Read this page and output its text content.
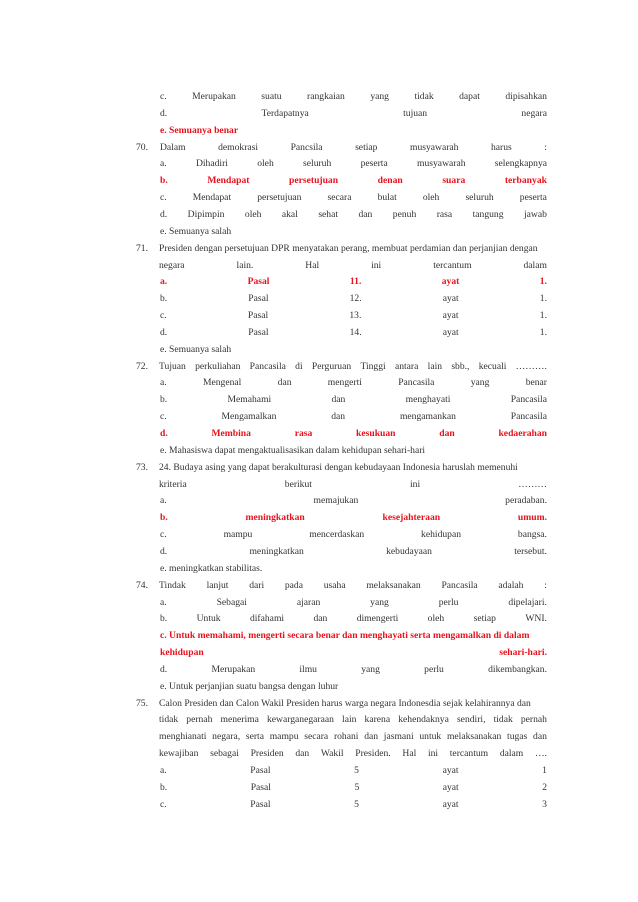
c.	Merupakan	suatu	rangkaian	yang	tidak	dapat	dipisahkan
d.	Terdapatnya	tujuan	negara
e. Semuanya benar
70. Dalam	demokrasi	Pancsila	setiap	musyawarah	harus	:
a.	Dihadiri	oleh	seluruh	peserta	musyawarah	selengkapnya
b.	Mendapat	persetujuan	denan	suara	terbanyak
c.	Mendapat	persetujuan	secara	bulat	oleh	seluruh	peserta
d. Dipimpin oleh akal sehat dan penuh rasa tangung jawab
e. Semuanya salah
71. Presiden dengan persetujuan DPR menyatakan perang, membuat perdamian dan perjanjian dengan
negara	lain.	Hal	ini	tercantum	dalam
a.	Pasal	11.	ayat	1.
b.	Pasal	12.	ayat	1.
c.	Pasal	13.	ayat	1.
d.	Pasal	14.	ayat	1.
e. Semuanya salah
72. Tujuan perkuliahan Pancasila di Perguruan Tinggi antara lain sbb., kecuali ……….
a.	Mengenal	dan	mengerti	Pancasila	yang	benar
b.	Memahami	dan	menghayati	Pancasila
c.	Mengamalkan	dan	mengamankan	Pancasila
d.	Membina	rasa	kesukuan	dan	kedaerahan
e. Mahasiswa dapat mengaktualisasikan dalam kehidupan sehari-hari
73. 24. Budaya asing yang dapat berakulturasi dengan kebudayaan Indonesia haruslah memenuhi
kriteria	berikut	ini	………
a.	memajukan	peradaban.
b.	meningkatkan	kesejahteraan	umum.
c.	mampu	mencerdaskan	kehidupan	bangsa.
d.	meningkatkan	kebudayaan	tersebut.
e. meningkatkan stabilitas.
74. Tindak lanjut dari pada usaha melaksanakan Pancasila adalah :
a.	Sebagai	ajaran	yang	perlu	dipelajari.
b.	Untuk	difahami	dan	dimengerti	oleh	setiap	WNI.
c. Untuk memahami, mengerti secara benar dan menghayati serta mengamalkan di dalam
kehidupan	sehari-hari.
d.	Merupakan	ilmu	yang	perlu	dikembangkan.
e. Untuk perjanjian suatu bangsa dengan luhur
75. Calon Presiden dan Calon Wakil Presiden harus warga negara Indonesdia sejak kelahirannya dan
tidak pernah menerima kewarganegaraan lain karena kehendaknya sendiri, tidak pernah
menghianati negara, serta mampu secara rohani dan jasmani untuk melaksanakan tugas dan
kewajiban sebagai Presiden dan Wakil Presiden. Hal ini tercantum dalam ….
a.	Pasal	5	ayat	1
b.	Pasal	5	ayat	2
c.	Pasal	5	ayat	3
